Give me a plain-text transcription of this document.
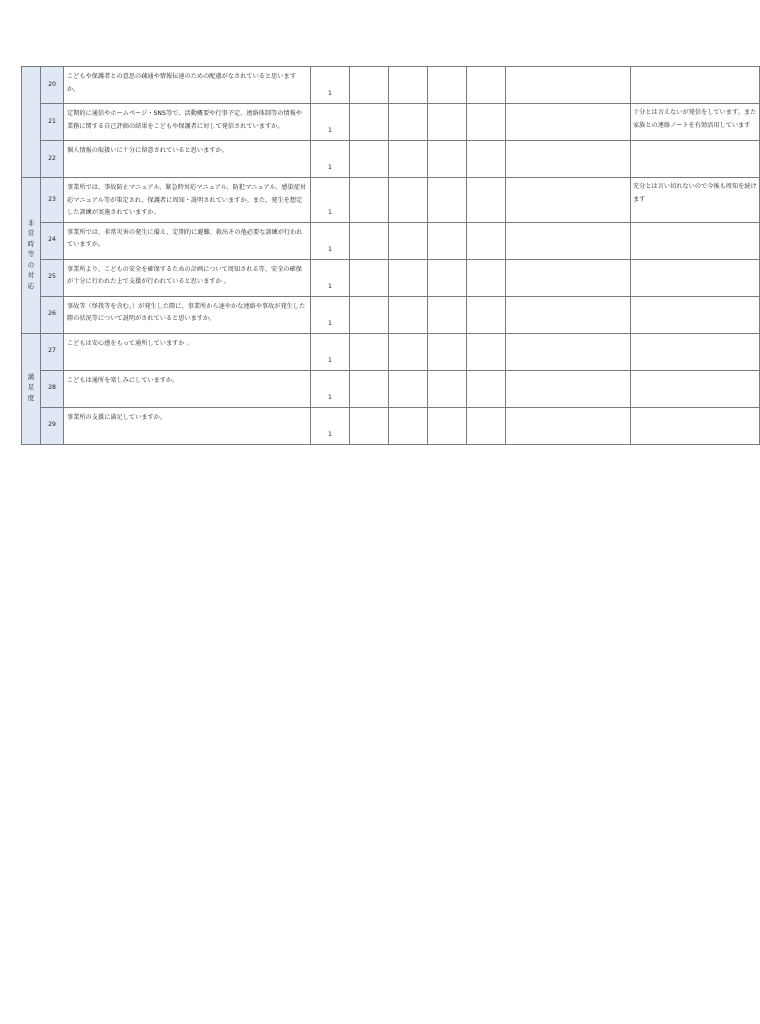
	20	こどもや保護者との意思の疎通や情報伝達のための配慮がなされていると思いますか。	1						
	21	定期的に通信やホームページ・SNS等で、活動概要や行事予定、連絡体制等の情報や業務に関する自己評価の結果をこどもや保護者に対して発信されていますか。	1						十分とは言えないが発信をしています。また家族との連絡ノートを有効活用しています
	22	個人情報の取扱いに十分に留意されていると思いますか。	1						
非常時等の対応	23	事業所では、事故防止マニュアル、緊急時対応マニュアル、防犯マニュアル、感染症対応マニュアル等が策定され、保護者に周知・説明されていますか。また、発生を想定した訓練が実施されていますか。	1						充分とは言い切れないので今後も周知を続けます
	24	事業所では、非常災害の発生に備え、定期的に避難、救出その他必要な訓練が行われていますか。	1						
	25	事業所より、こどもの安全を確保するための計画について周知される等、安全の確保が十分に行われた上で支援が行われていると思いますか 。	1						
	26	事故等（怪我等を含む。）が発生した際に、事業所から速やかな連絡や事故が発生した際の状況等について説明がされていると思いますか。	1						
満足度	27	こどもは安心感をもって通所していますか 。	1						
	28	こどもは通所を楽しみにしていますか。	1						
	29	事業所の支援に満足していますか。	1						
